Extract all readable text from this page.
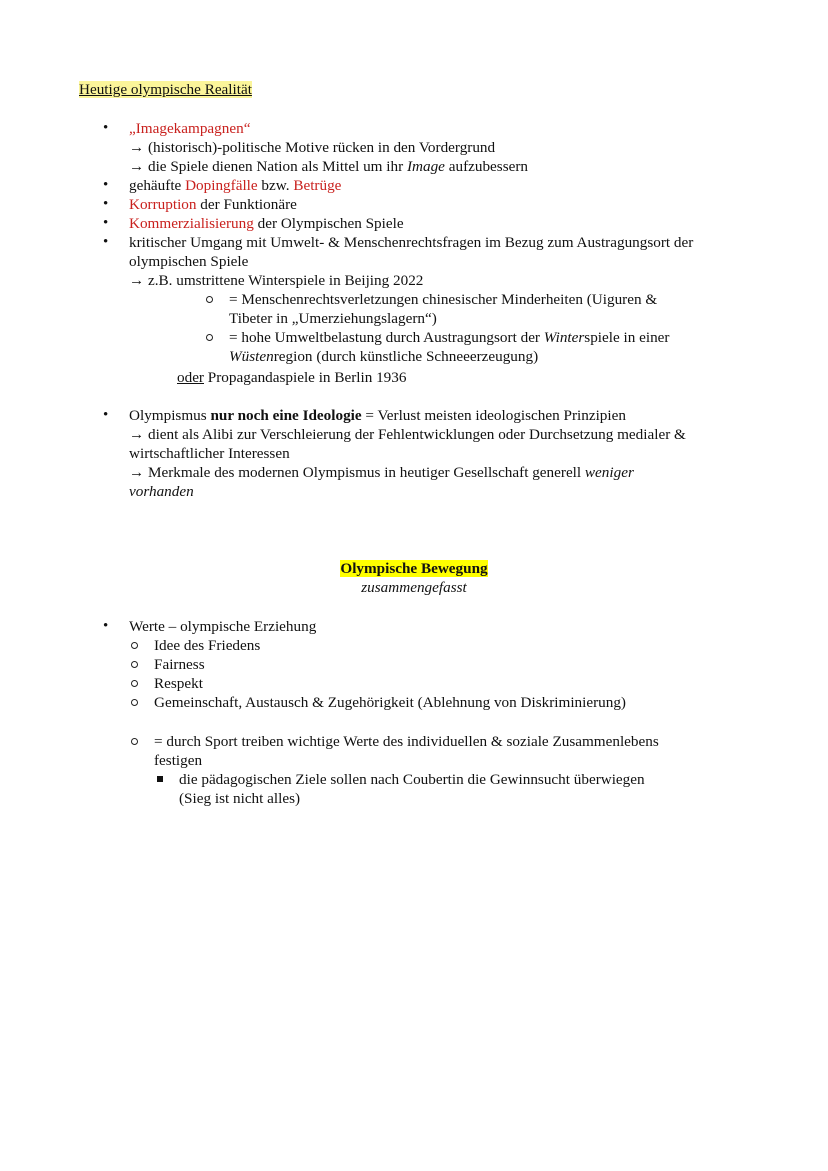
Heutige olympische Realität
• „Imagekampagnen“
→ (historisch)-politische Motive rücken in den Vordergrund
→ die Spiele dienen Nation als Mittel um ihr Image aufzubessern
• gehäufte Dopingfälle bzw. Betrüge
• Korruption der Funktionäre
• Kommerzialisierung der Olympischen Spiele
• kritischer Umgang mit Umwelt- & Menschenrechtsfragen im Bezug zum Austragungsort der
olympischen Spiele
→ z.B. umstrittene Winterspiele in Beijing 2022
= Menschenrechtsverletzungen chinesischer Minderheiten (Uiguren &
Tibeter in „Umerziehungslagern“)
= hohe Umweltbelastung durch Austragungsort der Winterspiele in einer
Wüstenregion (durch künstliche Schneeerzeugung)
oder Propagandaspiele in Berlin 1936
• Olympismus nur noch eine Ideologie = Verlust meisten ideologischen Prinzipien
→ dient als Alibi zur Verschleierung der Fehlentwicklungen oder Durchsetzung medialer &
wirtschaftlicher Interessen
→ Merkmale des modernen Olympismus in heutiger Gesellschaft generell weniger
vorhanden
Olympische Bewegung
zusammengefasst
• Werte – olympische Erziehung
Idee des Friedens
Fairness
Respekt
Gemeinschaft, Austausch & Zugehörigkeit (Ablehnung von Diskriminierung)
= durch Sport treiben wichtige Werte des individuellen & soziale Zusammenlebens
festigen
die pädagogischen Ziele sollen nach Coubertin die Gewinnsucht überwiegen
(Sieg ist nicht alles)
